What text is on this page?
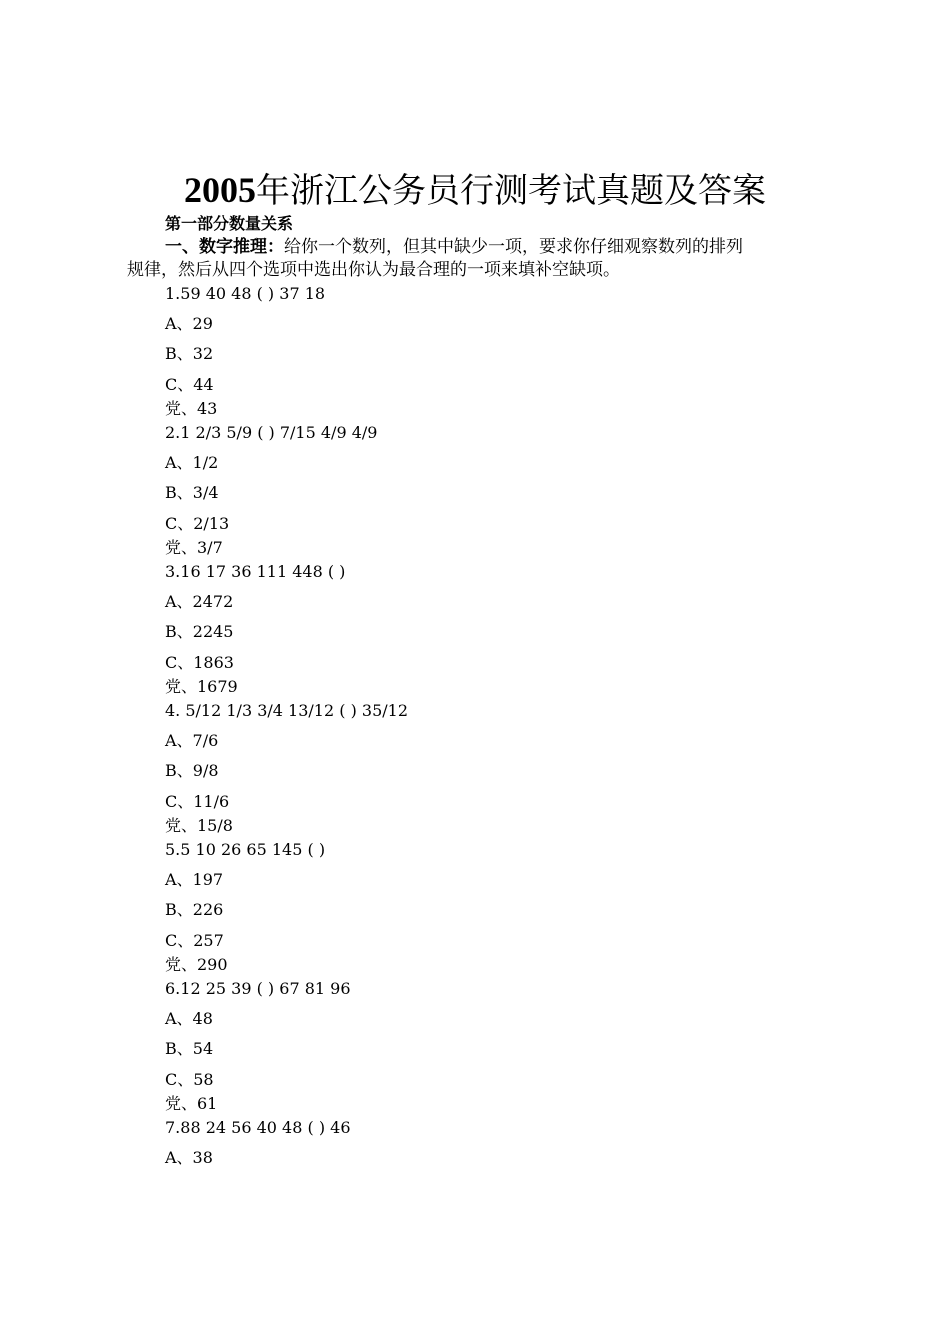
2005年浙江公务员行测考试真题及答案
第一部分数量关系
一、数字推理：给你一个数列，但其中缺少一项，要求你仔细观察数列的排列
规律，然后从四个选项中选出你认为最合理的一项来填补空缺项。
1.59 40 48 ( ) 37 18
A、29
B、32
C、44
党、43
2.1 2/3 5/9 ( ) 7/15 4/9 4/9
A、1/2
B、3/4
C、2/13
党、3/7
3.16 17 36 111 448 ( )
A、2472
B、2245
C、1863
党、1679
4. 5/12 1/3 3/4 13/12 ( ) 35/12
A、7/6
B、9/8
C、11/6
党、15/8
5.5 10 26 65 145 ( )
A、197
B、226
C、257
党、290
6.12 25 39 ( ) 67 81 96
A、48
B、54
C、58
党、61
7.88 24 56 40 48 ( ) 46
A、38
